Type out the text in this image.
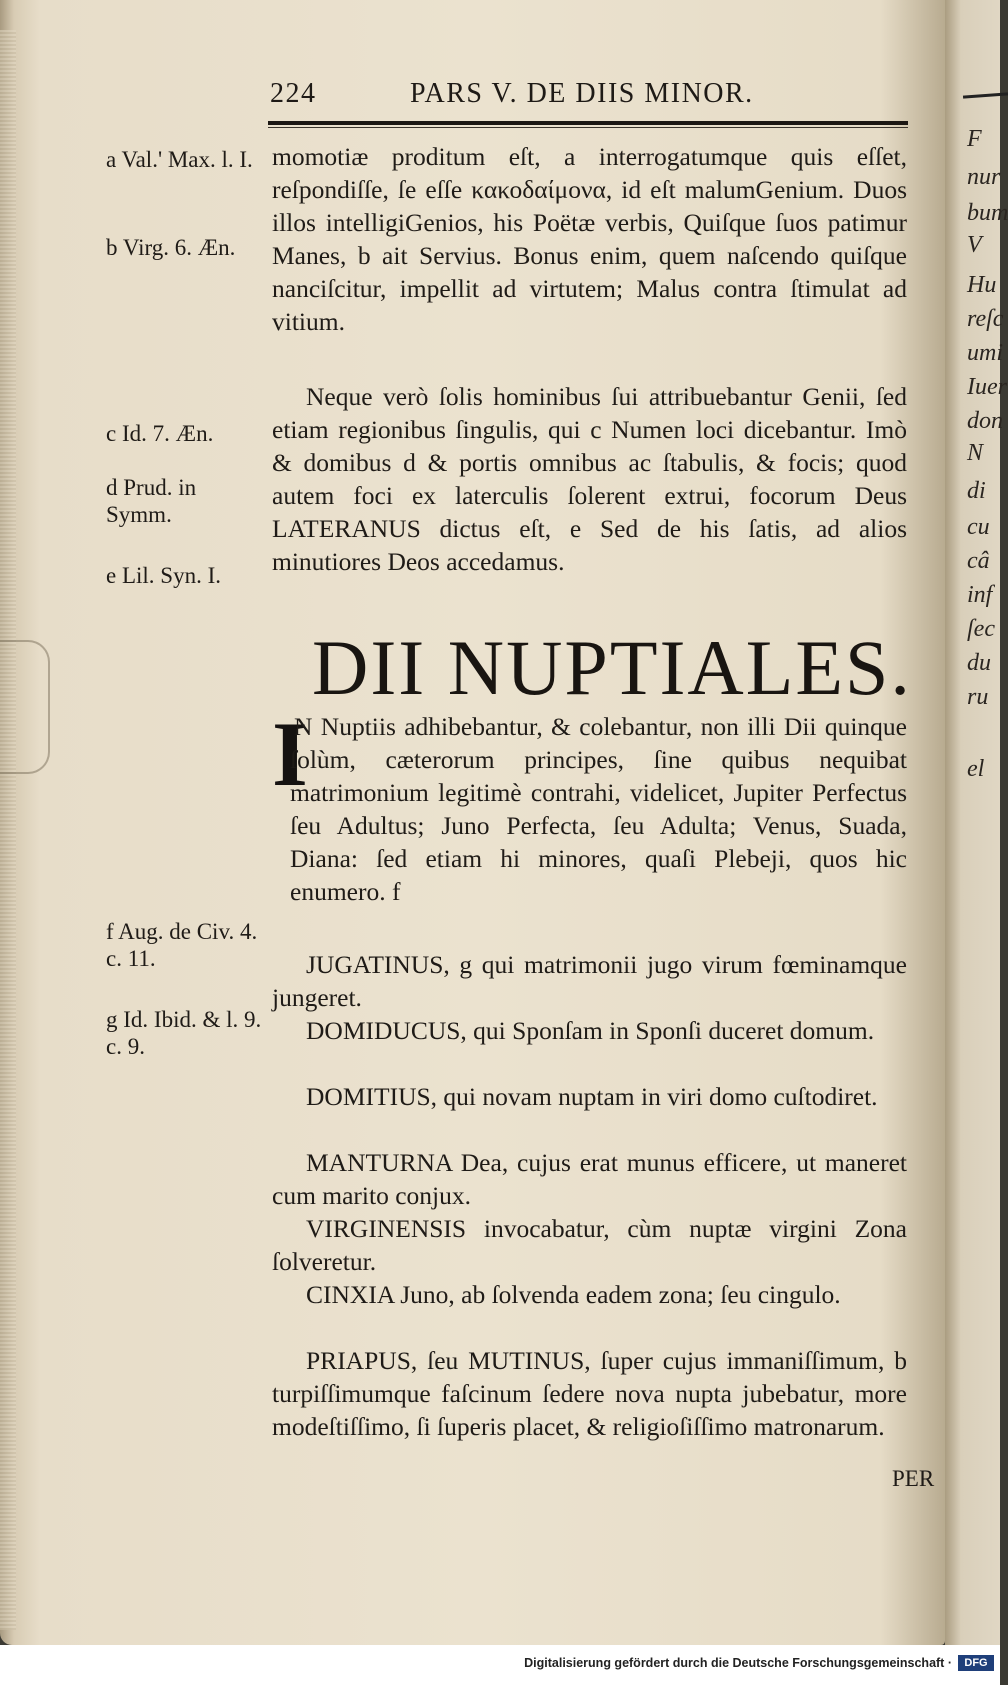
224	PARS V. DE DIIS MINOR.
a Val.' Max. l. I.
b Virg. 6. Æn.
c Id. 7. Æn.
d Prud. in Symm.
e Lil. Syn. I.
f Aug. de Civ. 4. c. 11.
g Id. Ibid. & l. 9. c. 9.
momotiæ proditum eſt, a interrogatumque quis eſſet, reſpondiſſe, ſe eſſe κακοδαίμονα, id eſt malumGenium. Duos illos intelligiGenios, his Poëtæ verbis, Quiſque ſuos patimur Manes, b ait Servius. Bonus enim, quem naſcendo quiſque nanciſcitur, impellit ad virtutem; Malus contra ſtimulat ad vitium.
Neque verò ſolis hominibus ſui attribuebantur Genii, ſed etiam regionibus ſingulis, qui c Numen loci dicebantur. Imò & domibus d & portis omnibus ac ſtabulis, & focis; quod autem foci ex laterculis ſolerent extrui, focorum Deus LATERANUS dictus eſt, e Sed de his ſatis, ad alios minutiores Deos accedamus.
DII NUPTIALES.
I
N Nuptiis adhibebantur, & colebantur, non illi Dii quinque ſolùm, cæterorum principes, ſine quibus nequibat matrimonium legitimè contrahi, videlicet, Jupiter Perfectus ſeu Adultus; Juno Perfecta, ſeu Adulta; Venus, Suada, Diana: ſed etiam hi minores, quaſi Plebeji, quos hic enumero. f
JUGATINUS, g qui matrimonii jugo virum fœminamque jungeret.
DOMIDUCUS, qui Sponſam in Sponſi duceret domum.
DOMITIUS, qui novam nuptam in viri domo cuſtodiret.
MANTURNA Dea, cujus erat munus efficere, ut maneret cum marito conjux.
VIRGINENSIS invocabatur, cùm nuptæ virgini Zona ſolveretur.
CINXIA Juno, ab ſolvenda eadem zona; ſeu cingulo.
PRIAPUS, ſeu MUTINUS, ſuper cujus immaniſſimum, b turpiſſimumque faſcinum ſedere nova nupta jubebatur, more modeſtiſſimo, ſi ſuperis placet, & religioſiſſimo matronarum.
PER
F
nur
bum
V
Hu
reſc
umi
Iuer
don
N
di
cu
câ
inf
ſec
du
ru
el
Digitalisierung gefördert durch die Deutsche Forschungsgemeinschaft ·	DFG
